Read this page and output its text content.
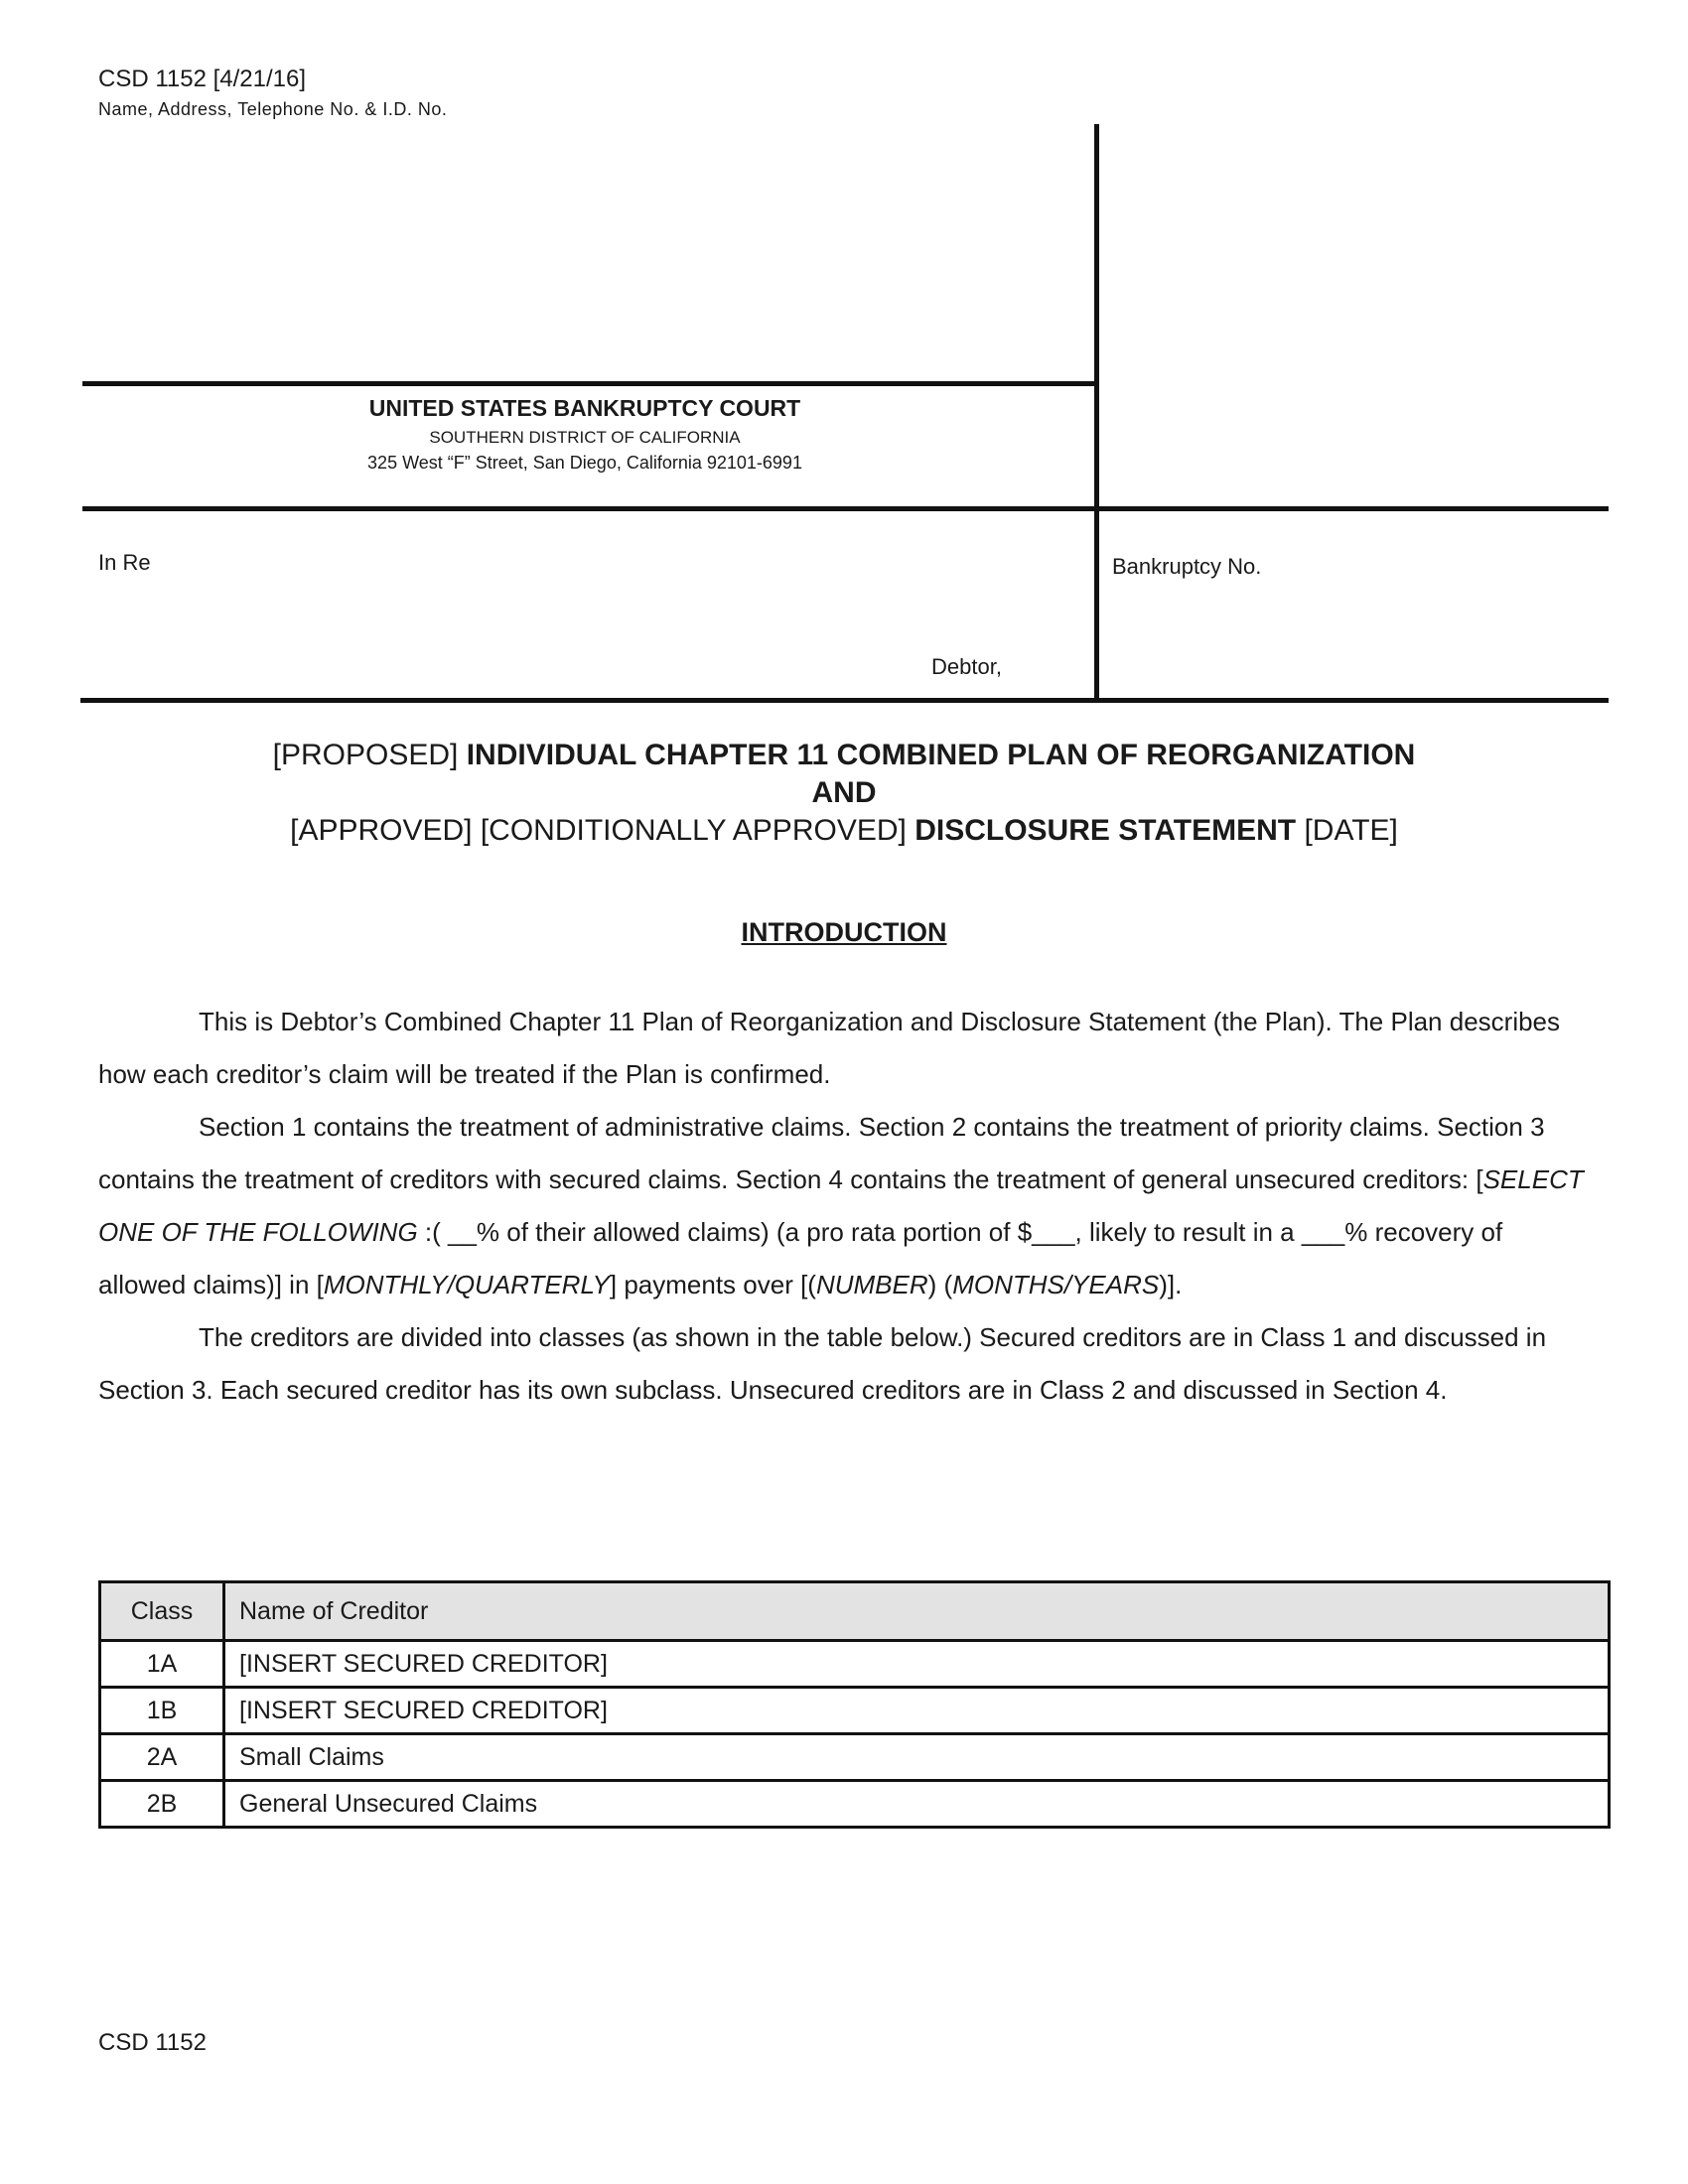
CSD 1152 [4/21/16]
Name, Address, Telephone No. & I.D. No.

UNITED STATES BANKRUPTCY COURT

SOUTHERN DISTRICT OF CALIFORNIA

325 West “F” Street, San Diego, California 92101-6991

In Re
Debtor,
Bankruptcy No.
[PROPOSED] INDIVIDUAL CHAPTER 11 COMBINED PLAN OF REORGANIZATION
AND
[APPROVED] [CONDITIONALLY APPROVED] DISCLOSURE STATEMENT [DATE]
INTRODUCTION

This is Debtor’s Combined Chapter 11 Plan of Reorganization and Disclosure Statement (the Plan). The Plan describes how each creditor’s claim will be treated if the Plan is confirmed.

Section 1 contains the treatment of administrative claims. Section 2 contains the treatment of priority claims. Section 3 contains the treatment of creditors with secured claims. Section 4 contains the treatment of general unsecured creditors: [SELECT ONE OF THE FOLLOWING :( __% of their allowed claims) (a pro rata portion of $___, likely to result in a ___% recovery of allowed claims)] in [MONTHLY/QUARTERLY] payments over [(NUMBER) (MONTHS/YEARS)].

The creditors are divided into classes (as shown in the table below.) Secured creditors are in Class 1 and discussed in Section 3. Each secured creditor has its own subclass. Unsecured creditors are in Class 2 and discussed in Section 4.

Class	Name of Creditor
1A	[INSERT SECURED CREDITOR]
1B	[INSERT SECURED CREDITOR]
2A	Small Claims
2B	General Unsecured Claims
CSD 1152
